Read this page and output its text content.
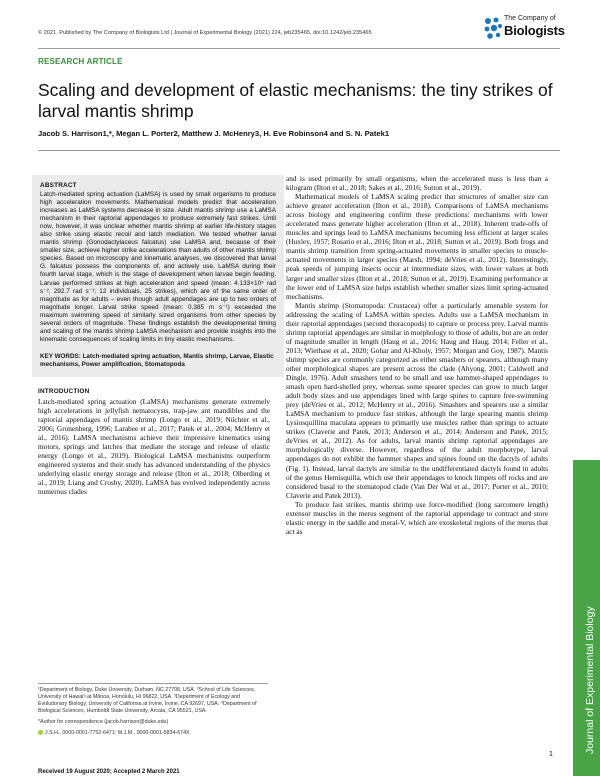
© 2021. Published by The Company of Biologists Ltd | Journal of Experimental Biology (2021) 224, jeb235465. doi:10.1242/jeb.235465
The Company of
Biologists
RESEARCH ARTICLE
Scaling and development of elastic mechanisms: the tiny strikes of larval mantis shrimp
Jacob S. Harrison1,*, Megan L. Porter2, Matthew J. McHenry3, H. Eve Robinson4 and S. N. Patek1
ABSTRACT

Latch-mediated spring actuation (LaMSA) is used by small organisms to produce high acceleration movements. Mathematical models predict that acceleration increases as LaMSA systems decrease in size. Adult mantis shrimp use a LaMSA mechanism in their raptorial appendages to produce extremely fast strikes. Until now, however, it was unclear whether mantis shrimp at earlier life-history stages also strike using elastic recoil and latch mediation. We tested whether larval mantis shrimp (Gonodactylaceus falcatus) use LaMSA and, because of their smaller size, achieve higher strike accelerations than adults of other mantis shrimp species. Based on microscopy and kinematic analyses, we discovered that larval G. falcatus possess the components of, and actively use, LaMSA during their fourth larval stage, which is the stage of development when larvae begin feeding. Larvae performed strikes at high acceleration and speed (mean: 4.133×10⁵ rad s⁻², 292.7 rad s⁻¹; 12 individuals, 25 strikes), which are of the same order of magnitude as for adults – even though adult appendages are up to two orders of magnitude longer. Larval strike speed (mean: 0.385 m s⁻¹) exceeded the maximum swimming speed of similarly sized organisms from other species by several orders of magnitude. These findings establish the developmental timing and scaling of the mantis shrimp LaMSA mechanism and provide insights into the kinematic consequences of scaling limits in tiny elastic mechanisms.

KEY WORDS: Latch-mediated spring actuation, Mantis shrimp, Larvae, Elastic mechanisms, Power amplification, Stomatopoda
INTRODUCTION

Latch-mediated spring actuation (LaMSA) mechanisms generate extremely high accelerations in jellyfish nematocysts, trap-jaw ant mandibles and the raptorial appendages of mantis shrimp (Longo et al., 2019; Nüchter et al., 2006; Gronenberg, 1996; Larabee et al., 2017; Patek et al., 2004; McHenry et al., 2016). LaMSA mechanisms achieve their impressive kinematics using motors, springs and latches that mediate the storage and release of elastic energy (Longo et al., 2019). Biological LaMSA mechanisms outperform engineered systems and their study has advanced understanding of the physics underlying elastic energy storage and release (Ilton et al., 2018; Olberding et al., 2019; Liang and Crosby, 2020). LaMSA has evolved independently across numerous clades

and is used primarily by small organisms, when the accelerated mass is less than a kilogram (Ilton et al., 2018; Sakes et al., 2016; Sutton et al., 2019).

Mathematical models of LaMSA scaling predict that structures of smaller size can achieve greater acceleration (Ilton et al., 2018). Comparisons of LaMSA mechanisms across biology and engineering confirm these predictions: mechanisms with lower accelerated mass generate higher acceleration (Ilton et al., 2018). Inherent trade-offs of muscles and springs lead to LaMSA mechanisms becoming less efficient at larger scales (Huxley, 1957; Rosario et al., 2016; Ilton et al., 2018; Sutton et al., 2019). Both frogs and mantis shrimp transition from spring-actuated movements in smaller species to muscle-actuated movements in larger species (Marsh, 1994; deVries et al., 2012). Interestingly, peak speeds of jumping insects occur at intermediate sizes, with lower values at both larger and smaller sizes (Ilton et al., 2018; Sutton et al., 2019). Examining performance at the lower end of LaMSA size helps establish whether smaller sizes limit spring-actuated mechanisms.

Mantis shrimp (Stomatopoda: Crustacea) offer a particularly amenable system for addressing the scaling of LaMSA within species. Adults use a LaMSA mechanism in their raptorial appendages (second thoracopods) to capture or process prey. Larval mantis shrimp raptorial appendages are similar in morphology to those of adults, but are an order of magnitude smaller in length (Haug et al., 2016; Haug and Haug, 2014; Feller et al., 2013; Wiethase et al., 2020; Gohar and Al-Kholy, 1957; Morgan and Goy, 1987). Mantis shrimp species are commonly categorized as either smashers or spearers, although many other morphological shapes are present across the clade (Ahyong, 2001; Caldwell and Dingle, 1976). Adult smashers tend to be small and use hammer-shaped appendages to smash open hard-shelled prey, whereas some spearer species can grow to much larger adult body sizes and use appendages lined with large spines to capture free-swimming prey (deVries et al., 2012; McHenry et al., 2016). Smashers and spearers use a similar LaMSA mechanism to produce fast strikes, although the large spearing mantis shrimp Lysiosquillina maculata appears to primarily use muscles rather than springs to actuate strikes (Claverie and Patek, 2013; Anderson et al., 2014; Anderson and Patek, 2015; deVries et al., 2012). As for adults, larval mantis shrimp raptorial appendages are morphologically diverse. However, regardless of the adult morphotype, larval appendages do not exhibit the hammer shapes and spines found on the dactyls of adults (Fig. 1). Instead, larval dactyls are similar to the undifferentiated dactyls found in adults of the genus Hemisquilla, which use their appendages to knock limpets off rocks and are considered basal to the stomatopod clade (Van Der Wal et al., 2017; Porter et al., 2010; Claverie and Patek 2013).

To produce fast strikes, mantis shrimp use force-modified (long sarcomere length) extensor muscles in the merus segment of the raptorial appendage to contract and store elastic energy in the saddle and meral-V, which are exoskeletal regions of the merus that act as

¹Department of Biology, Duke University, Durham, NC 27708, USA. ²School of Life Sciences, University of Hawai'i at Mānoa, Honolulu, HI 96822, USA. ³Department of Ecology and Evolutionary Biology, University of California at Irvine, Irvine, CA 92697, USA. ⁴Department of Biological Sciences, Humboldt State University, Arcata, CA 95521, USA.

*Author for correspondence (jacob.harrison@duke.edu)

J.S.H., 0000-0001-7752-6471; M.J.M., 0000-0001-5834-674X

Received 19 August 2020; Accepted 2 March 2021
1
Journal of Experimental Biology
